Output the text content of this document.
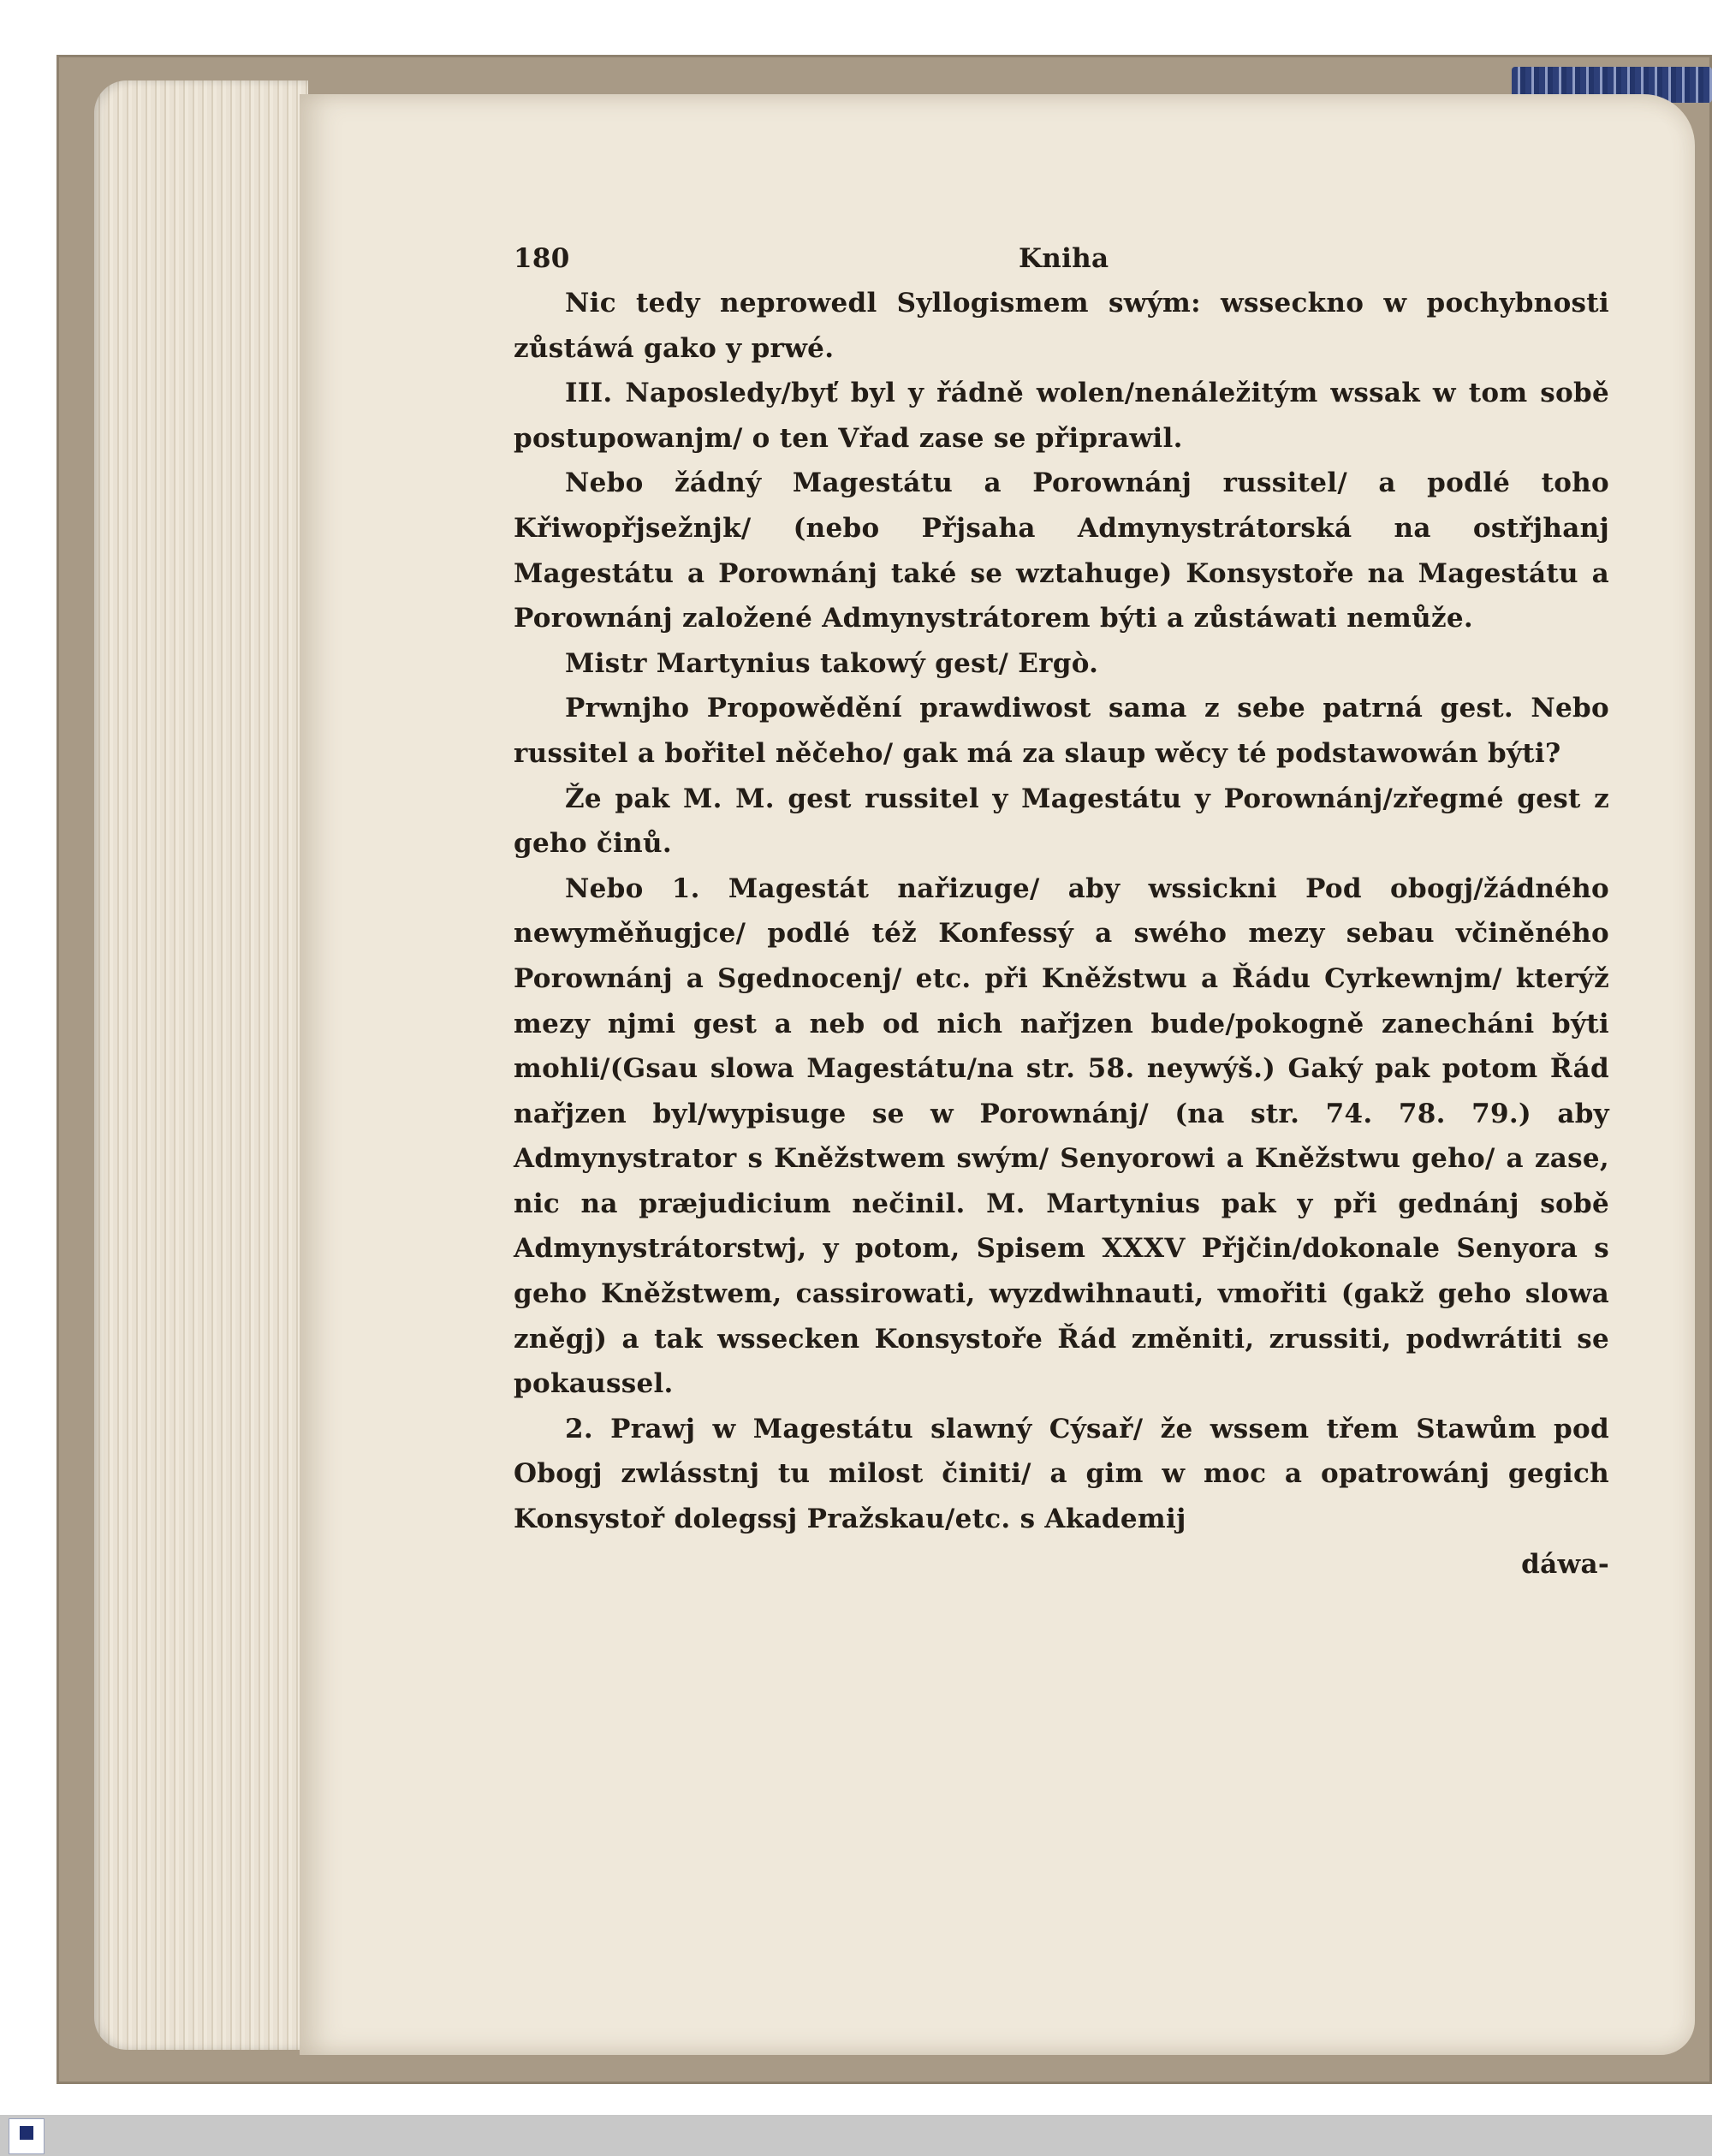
180	Kniha

Nic tedy neprowedl Syllogismem swým: wsseckno w pochybnosti zůstáwá gako y prwé.

III. Naposledy/byť byl y řádně wolen/nenáležitým wssak w tom sobě postupowanjm/ o ten Vřad zase se připrawil.

Nebo žádný Magestátu a Porownánj russitel/ a podlé toho Křiwopřjsežnjk/ (nebo Přjsaha Admynystrátorská na ostřjhanj Magestátu a Porownánj také se wztahuge) Konsystoře na Magestátu a Porownánj založené Admynystrátorem býti a zůstáwati nemůže.

Mistr Martynius takowý gest/ Ergò.

Prwnjho Propowědění prawdiwost sama z sebe patrná gest. Nebo russitel a bořitel něčeho/ gak má za slaup wěcy té podstawowán býti?

Že pak M. M. gest russitel y Magestátu y Porownánj/zřegmé gest z geho činů.

Nebo 1. Magestát nařizuge/ aby wssickni Pod obogj/žádného newyměňugjce/ podlé též Konfessý a swého mezy sebau včiněného Porownánj a Sgednocenj/ etc. při Kněžstwu a Řádu Cyrkewnjm/ kterýž mezy njmi gest a neb od nich nařjzen bude/pokogně zanecháni býti mohli/(Gsau slowa Magestátu/na str. 58. neywýš.) Gaký pak potom Řád nařjzen byl/wypisuge se w Porownánj/ (na str. 74. 78. 79.) aby Admynystrator s Kněžstwem swým/ Senyorowi a Kněžstwu geho/ a zase, nic na præjudicium nečinil. M. Martynius pak y při gednánj sobě Admynystrátorstwj, y potom, Spisem XXXV Přjčin/dokonale Senyora s geho Kněžstwem, cassirowati, wyzdwihnauti, vmořiti (gakž geho slowa zněgj) a tak wssecken Konsystoře Řád změniti, zrussiti, podwrátiti se pokaussel.

2. Prawj w Magestátu slawný Cýsař/ že wssem třem Stawům pod Obogj zwlásstnj tu milost činiti/ a gim w moc a opatrowánj gegich Konsystoř dolegssj Pražskau/etc. s Akademij

dáwa-
